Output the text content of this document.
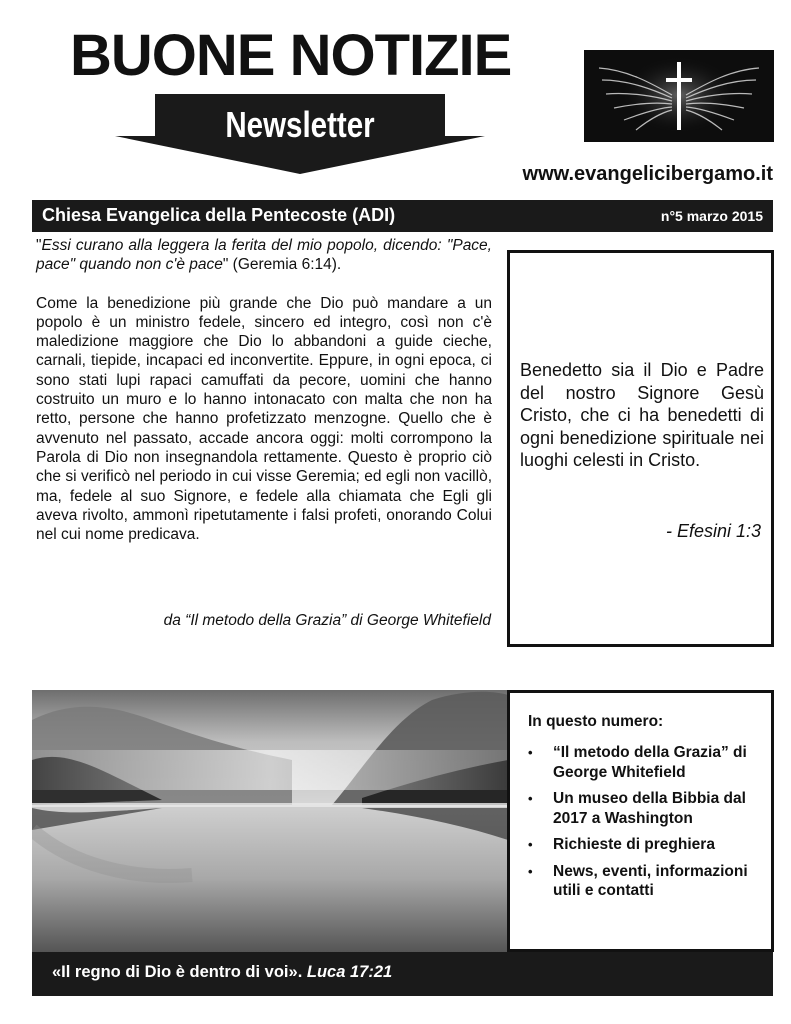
BUONE NOTIZIE
Newsletter
www.evangelicibergamo.it
Chiesa Evangelica della Pentecoste (ADI)	n°5 marzo 2015

"Essi curano alla leggera la ferita del mio popolo, dicendo: "Pace, pace" quando non c'è pace" (Geremia 6:14).

Come la benedizione più grande che Dio può mandare a un popolo è un ministro fedele, sincero ed integro, così non c'è maledizione maggiore che Dio lo abbandoni a guide cieche, carnali, tiepide, incapaci ed inconvertite. Eppure, in ogni epoca, ci sono stati lupi rapaci camuffati da pecore, uomini che hanno costruito un muro e lo hanno intonacato con malta che non ha retto, persone che hanno profetizzato menzogne. Quello che è avvenuto nel passato, accade ancora oggi: molti corrompono la Parola di Dio non insegnandola rettamente. Questo è proprio ciò che si verificò nel periodo in cui visse Geremia; ed egli non vacillò, ma, fedele al suo Signore, e fedele alla chiamata che Egli gli aveva rivolto, ammonì ripetutamente i falsi profeti, onorando Colui nel cui nome predicava.

da “Il metodo della Grazia” di George Whitefield
Benedetto sia il Dio e Padre del nostro Signore Gesù Cristo, che ci ha benedetti di ogni benedizione spirituale nei luoghi celesti in Cristo.
- Efesini 1:3
In questo numero:
• “Il metodo della Grazia” di George Whitefield
• Un museo della Bibbia dal 2017 a Washington
• Richieste di preghiera
• News, eventi, informazioni utili e contatti
«Il regno di Dio è dentro di voi». Luca 17:21
